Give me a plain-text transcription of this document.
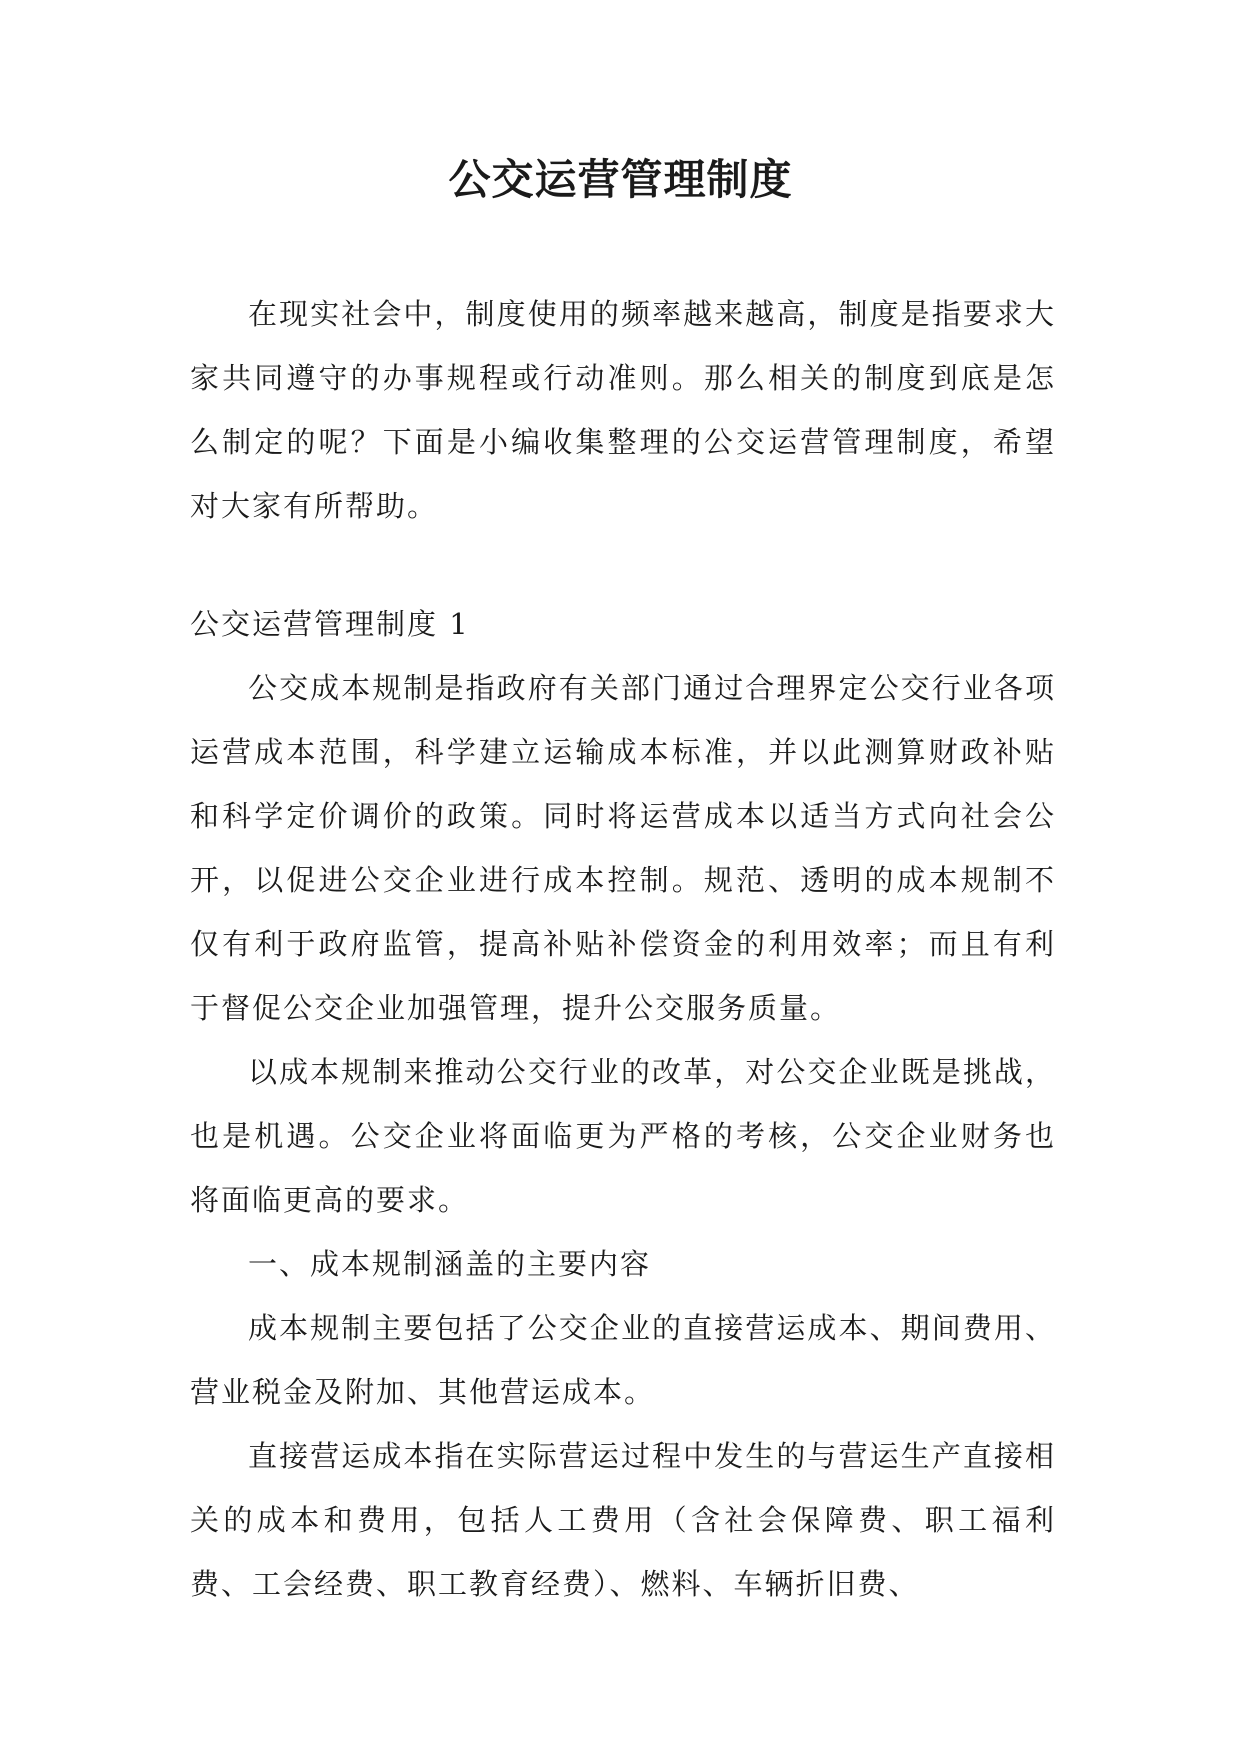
公交运营管理制度

在现实社会中，制度使用的频率越来越高，制度是指要求大家共同遵守的办事规程或行动准则。那么相关的制度到底是怎么制定的呢？下面是小编收集整理的公交运营管理制度，希望对大家有所帮助。

公交运营管理制度 1

公交成本规制是指政府有关部门通过合理界定公交行业各项运营成本范围，科学建立运输成本标准，并以此测算财政补贴和科学定价调价的政策。同时将运营成本以适当方式向社会公开，以促进公交企业进行成本控制。规范、透明的成本规制不仅有利于政府监管，提高补贴补偿资金的利用效率；而且有利于督促公交企业加强管理，提升公交服务质量。

以成本规制来推动公交行业的改革，对公交企业既是挑战，也是机遇。公交企业将面临更为严格的考核，公交企业财务也将面临更高的要求。

一、成本规制涵盖的主要内容

成本规制主要包括了公交企业的直接营运成本、期间费用、营业税金及附加、其他营运成本。

直接营运成本指在实际营运过程中发生的与营运生产直接相关的成本和费用，包括人工费用（含社会保障费、职工福利费、工会经费、职工教育经费）、燃料、车辆折旧费、
